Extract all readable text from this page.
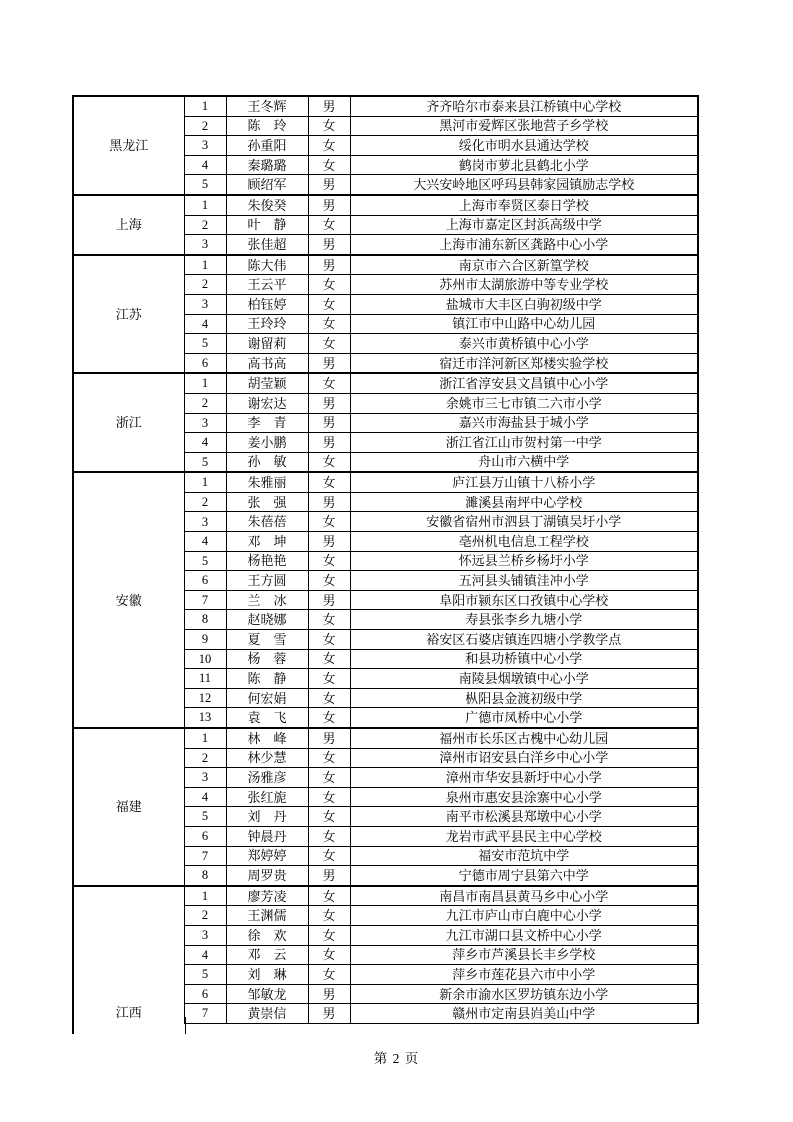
黑龙江	1	王冬辉	男	齐齐哈尔市泰来县江桥镇中心学校
	2	陈　玲	女	黑河市爱辉区张地营子乡学校
	3	孙重阳	女	绥化市明水县通达学校
	4	秦璐璐	女	鹤岗市萝北县鹤北小学
	5	顾绍军	男	大兴安岭地区呼玛县韩家园镇励志学校
上海	1	朱俊癸	男	上海市奉贤区泰日学校
	2	叶　静	女	上海市嘉定区封浜高级中学
	3	张佳超	男	上海市浦东新区龚路中心小学
江苏	1	陈大伟	男	南京市六合区新篁学校
	2	王云平	女	苏州市太湖旅游中等专业学校
	3	柏钰婷	女	盐城市大丰区白驹初级中学
	4	王玲玲	女	镇江市中山路中心幼儿园
	5	谢留莉	女	泰兴市黄桥镇中心小学
	6	高书高	男	宿迁市洋河新区郑楼实验学校
浙江	1	胡莹颖	女	浙江省淳安县文昌镇中心小学
	2	谢宏达	男	余姚市三七市镇二六市小学
	3	李　青	男	嘉兴市海盐县于城小学
	4	姜小鹏	男	浙江省江山市贺村第一中学
	5	孙　敏	女	舟山市六横中学
安徽	1	朱雅丽	女	庐江县万山镇十八桥小学
	2	张　强	男	濉溪县南坪中心学校
	3	朱蓓蓓	女	安徽省宿州市泗县丁湖镇吴圩小学
	4	邓　坤	男	亳州机电信息工程学校
	5	杨艳艳	女	怀远县兰桥乡杨圩小学
	6	王方圆	女	五河县头铺镇洼冲小学
	7	兰　冰	男	阜阳市颍东区口孜镇中心学校
	8	赵晓娜	女	寿县张李乡九塘小学
	9	夏　雪	女	裕安区石婆店镇连四塘小学教学点
	10	杨　蓉	女	和县功桥镇中心小学
	11	陈　静	女	南陵县烟墩镇中心小学
	12	何宏娟	女	枞阳县金渡初级中学
	13	袁　飞	女	广德市凤桥中心小学
福建	1	林　峰	男	福州市长乐区古槐中心幼儿园
	2	林少慧	女	漳州市诏安县白洋乡中心小学
	3	汤雅彦	女	漳州市华安县新圩中心小学
	4	张红旎	女	泉州市惠安县涂寨中心小学
	5	刘　丹	女	南平市松溪县郑墩中心小学
	6	钟晨丹	女	龙岩市武平县民主中心学校
	7	郑婷婷	女	福安市范坑中学
	8	周罗贵	男	宁德市周宁县第六中学
江西	1	廖芳凌	女	南昌市南昌县黄马乡中心小学
	2	王渊儒	女	九江市庐山市白鹿中心小学
	3	徐　欢	女	九江市湖口县文桥中心小学
	4	邓　云	女	萍乡市芦溪县长丰乡学校
	5	刘　琳	女	萍乡市莲花县六市中小学
	6	邹敏龙	男	新余市渝水区罗坊镇东边小学
	7	黄崇信	男	赣州市定南县岿美山中学
第 2 页
